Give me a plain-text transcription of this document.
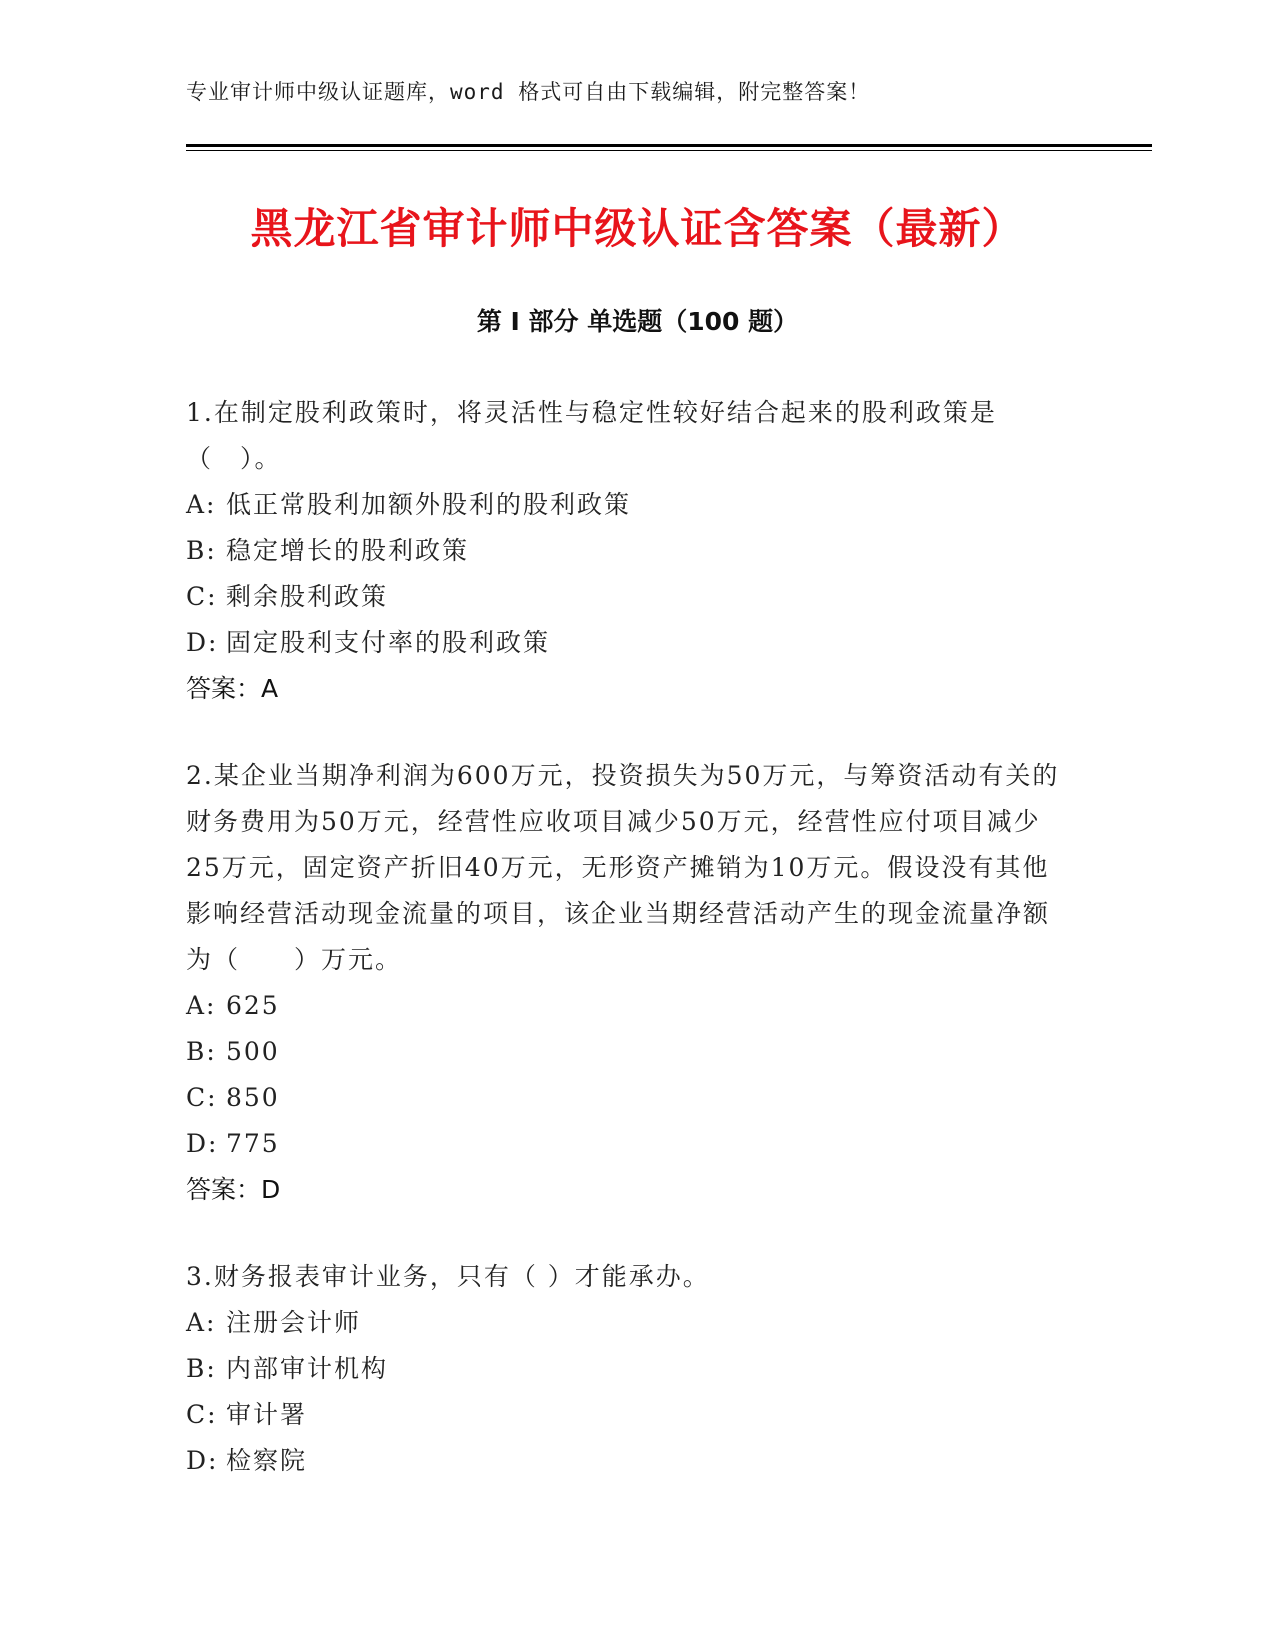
专业审计师中级认证题库，word 格式可自由下载编辑，附完整答案！
黑龙江省审计师中级认证含答案（最新）
第 I 部分 单选题（100 题）
1.在制定股利政策时，将灵活性与稳定性较好结合起来的股利政策是（　）。
A: 低正常股利加额外股利的股利政策
B: 稳定增长的股利政策
C: 剩余股利政策
D: 固定股利支付率的股利政策
答案：A
2.某企业当期净利润为600万元，投资损失为50万元，与筹资活动有关的财务费用为50万元，经营性应收项目减少50万元，经营性应付项目减少25万元，固定资产折旧40万元，无形资产摊销为10万元。假设没有其他影响经营活动现金流量的项目，该企业当期经营活动产生的现金流量净额为（　　）万元。
A: 625
B: 500
C: 850
D: 775
答案：D
3.财务报表审计业务，只有（ ）才能承办。
A: 注册会计师
B: 内部审计机构
C: 审计署
D: 检察院
